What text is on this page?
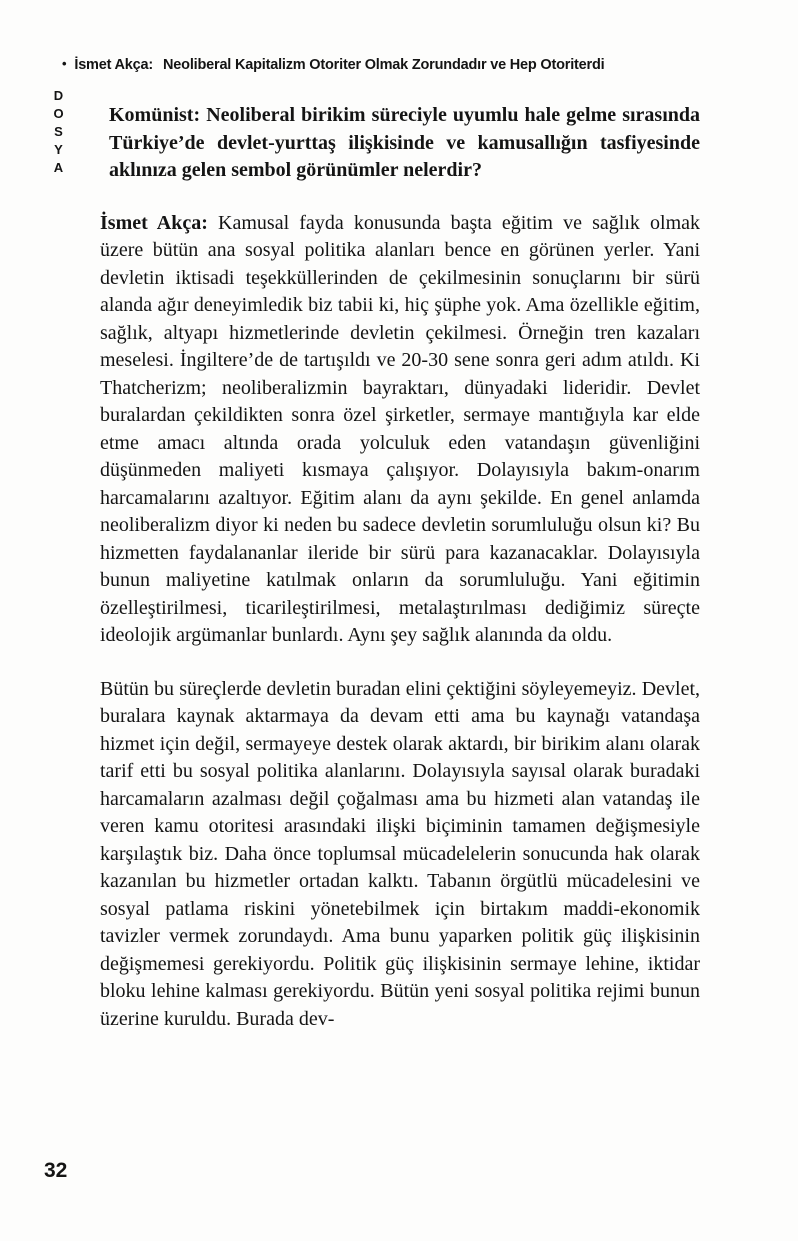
• İsmet Akça: Neoliberal Kapitalizm Otoriter Olmak Zorundadır ve Hep Otoriterdi
DOSYA	Komünist: Neoliberal birikim süreciyle uyumlu hale gelme sırasında Türkiye’de devlet-yurttaş ilişkisinde ve kamusallığın tasfiyesinde aklınıza gelen sembol görünümler nelerdir?

İsmet Akça: Kamusal fayda konusunda başta eğitim ve sağlık olmak üzere bütün ana sosyal politika alanları bence en görünen yerler. Yani devletin iktisadi teşekküllerinden de çekilmesinin sonuçlarını bir sürü alanda ağır deneyimledik biz tabii ki, hiç şüphe yok. Ama özellikle eğitim, sağlık, altyapı hizmetlerinde devletin çekilmesi. Örneğin tren kazaları meselesi. İngiltere’de de tartışıldı ve 20-30 sene sonra geri adım atıldı. Ki Thatcherizm; neoliberalizmin bayraktarı, dünyadaki lideridir. Devlet buralardan çekildikten sonra özel şirketler, sermaye mantığıyla kar elde etme amacı altında orada yolculuk eden vatandaşın güvenliğini düşünmeden maliyeti kısmaya çalışıyor. Dolayısıyla bakım-onarım harcamalarını azaltıyor. Eğitim alanı da aynı şekilde. En genel anlamda neoliberalizm diyor ki neden bu sadece devletin sorumluluğu olsun ki? Bu hizmetten faydalananlar ileride bir sürü para kazanacaklar. Dolayısıyla bunun maliyetine katılmak onların da sorumluluğu. Yani eğitimin özelleştirilmesi, ticarileştirilmesi, metalaştırılması dediğimiz süreçte ideolojik argümanlar bunlardı. Aynı şey sağlık alanında da oldu.

Bütün bu süreçlerde devletin buradan elini çektiğini söyleyemeyiz. Devlet, buralara kaynak aktarmaya da devam etti ama bu kaynağı vatandaşa hizmet için değil, sermayeye destek olarak aktardı, bir birikim alanı olarak tarif etti bu sosyal politika alanlarını. Dolayısıyla sayısal olarak buradaki harcamaların azalması değil çoğalması ama bu hizmeti alan vatandaş ile veren kamu otoritesi arasındaki ilişki biçiminin tamamen değişmesiyle karşılaştık biz. Daha önce toplumsal mücadelelerin sonucunda hak olarak kazanılan bu hizmetler ortadan kalktı. Tabanın örgütlü mücadelesini ve sosyal patlama riskini yönetebilmek için birtakım maddi-ekonomik tavizler vermek zorundaydı. Ama bunu yaparken politik güç ilişkisinin değişmemesi gerekiyordu. Politik güç ilişkisinin sermaye lehine, iktidar bloku lehine kalması gerekiyordu. Bütün yeni sosyal politika rejimi bunun üzerine kuruldu. Burada dev-

32
